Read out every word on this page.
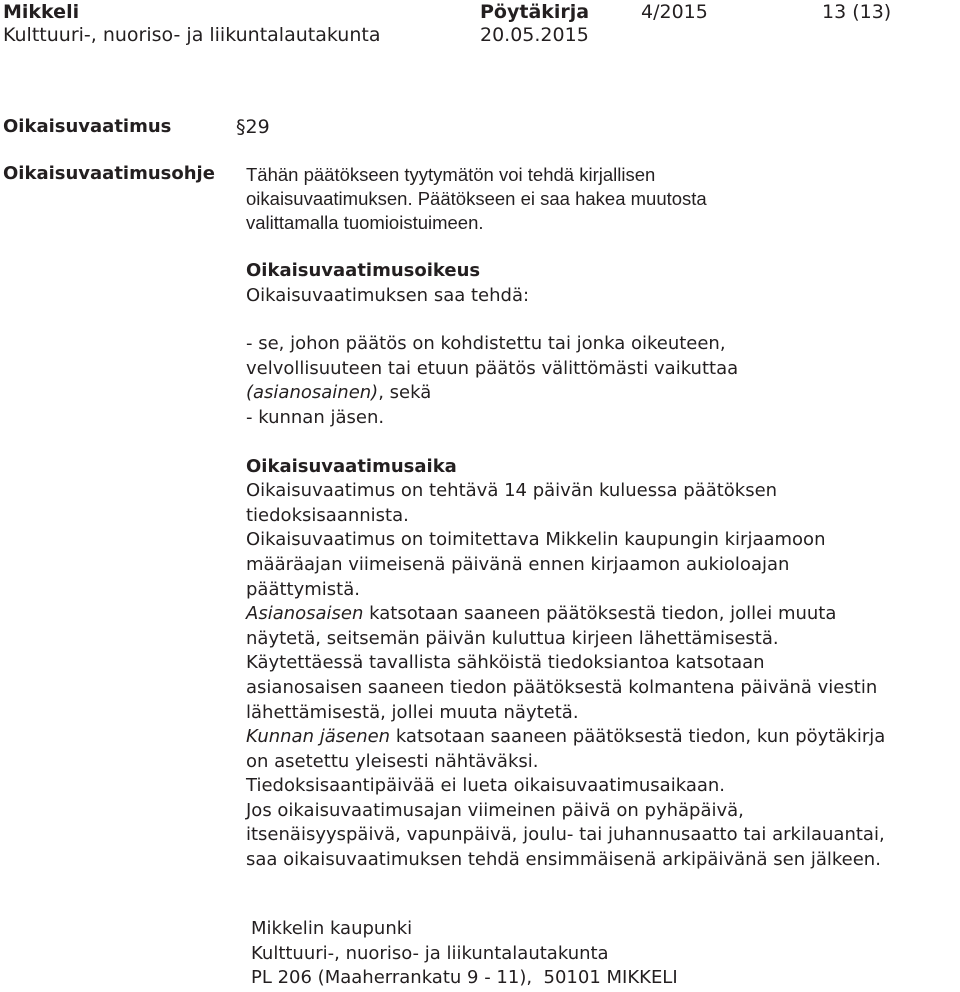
Mikkeli
Kulttuuri-, nuoriso- ja liikuntalautakunta
Pöytäkirja
20.05.2015
4/2015	13 (13)
Oikaisuvaatimus
Oikaisuvaatimusohje
§29

Tähän päätökseen tyytymätön voi tehdä kirjallisen

oikaisuvaatimuksen. Päätökseen ei saa hakea muutosta

valittamalla tuomioistuimeen.

Oikaisuvaatimusoikeus

Oikaisuvaatimuksen saa tehdä:

- se, johon päätös on kohdistettu tai jonka oikeuteen,

velvollisuuteen tai etuun päätös välittömästi vaikuttaa

(asianosainen), sekä

- kunnan jäsen.

Oikaisuvaatimusaika

Oikaisuvaatimus on tehtävä 14 päivän kuluessa päätöksen tiedoksisaannista.

Oikaisuvaatimus on toimitettava Mikkelin kaupungin kirjaamoon määräajan viimeisenä päivänä ennen kirjaamon aukioloajan päättymistä.

Asianosaisen katsotaan saaneen päätöksestä tiedon, jollei muuta näytetä, seitsemän päivän kuluttua kirjeen lähettämisestä.

Käytettäessä tavallista sähköistä tiedoksiantoa katsotaan asianosaisen saaneen tiedon päätöksestä kolmantena päivänä viestin lähettämisestä, jollei muuta näytetä.

Kunnan jäsenen katsotaan saaneen päätöksestä tiedon, kun pöytäkirja on asetettu yleisesti nähtäväksi.

Tiedoksisaantipäivää ei lueta oikaisuvaatimusaikaan.

Jos oikaisuvaatimusajan viimeinen päivä on pyhäpäivä, itsenäisyyspäivä, vapunpäivä, joulu- tai juhannusaatto tai arkilauantai, saa oikaisuvaatimuksen tehdä ensimmäisenä arkipäivänä sen jälkeen.

Mikkelin kaupunki

Kulttuuri-, nuoriso- ja liikuntalautakunta

PL 206 (Maaherrankatu 9 - 11),  50101 MIKKELI
